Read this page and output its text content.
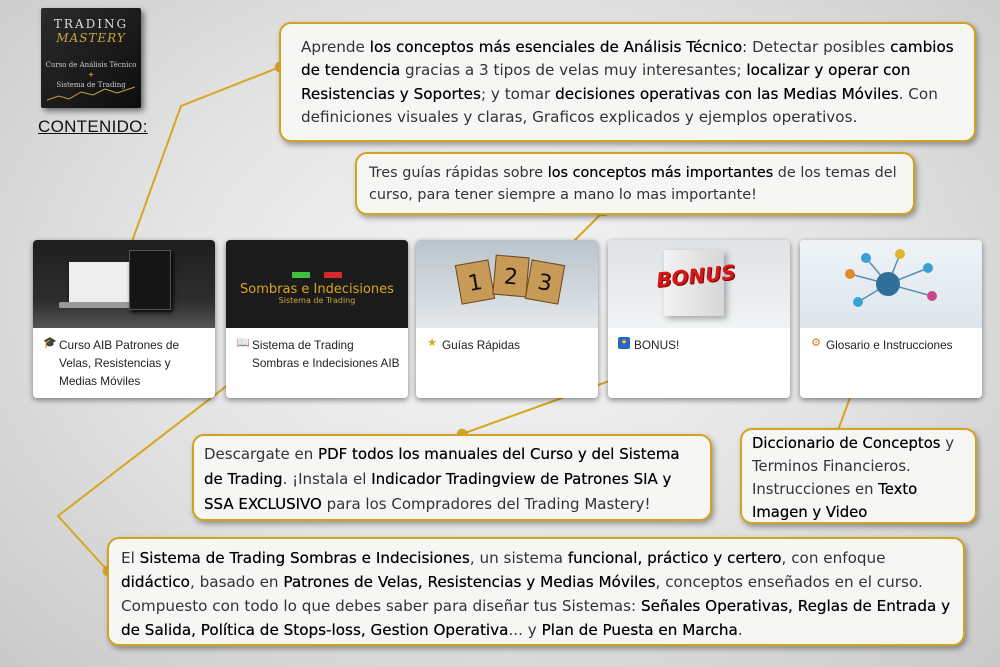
TRADING
MASTERY
Curso de Análisis Técnico
+
Sistema de Trading
CONTENIDO:
Aprende los conceptos más esenciales de Análisis Técnico: Detectar posibles cambios de tendencia gracias a 3 tipos de velas muy interesantes; localizar y operar con Resistencias y Soportes; y tomar decisiones operativas con las Medias Móviles. Con definiciones visuales y claras, Graficos explicados y ejemplos operativos.
Tres guías rápidas sobre los conceptos más importantes de los temas del curso, para tener siempre a mano lo mas importante!
Descargate en PDF todos los manuales del Curso y del Sistema de Trading. ¡Instala el Indicador Tradingview de Patrones SIA y SSA EXCLUSIVO para los Compradores del Trading Mastery!
Diccionario de Conceptos y Terminos Financieros. Instrucciones en Texto Imagen y Video
El Sistema de Trading Sombras e Indecisiones, un sistema funcional, práctico y certero, con enfoque didáctico, basado en Patrones de Velas, Resistencias y Medias Móviles, conceptos enseñados en el curso. Compuesto con todo lo que debes saber para diseñar tus Sistemas: Señales Operativas, Reglas de Entrada y de Salida, Política de Stops-loss, Gestion Operativa... y Plan de Puesta en Marcha.
🎓 Curso AIB Patrones de Velas, Resistencias y Medias Móviles
Sombras e Indecisiones
Sistema de Trading
📖 Sistema de Trading Sombras e Indecisiones AIB
1 2 3
★ Guías Rápidas
BONUS
✦ BONUS!	⚙ Glosario e Instrucciones
